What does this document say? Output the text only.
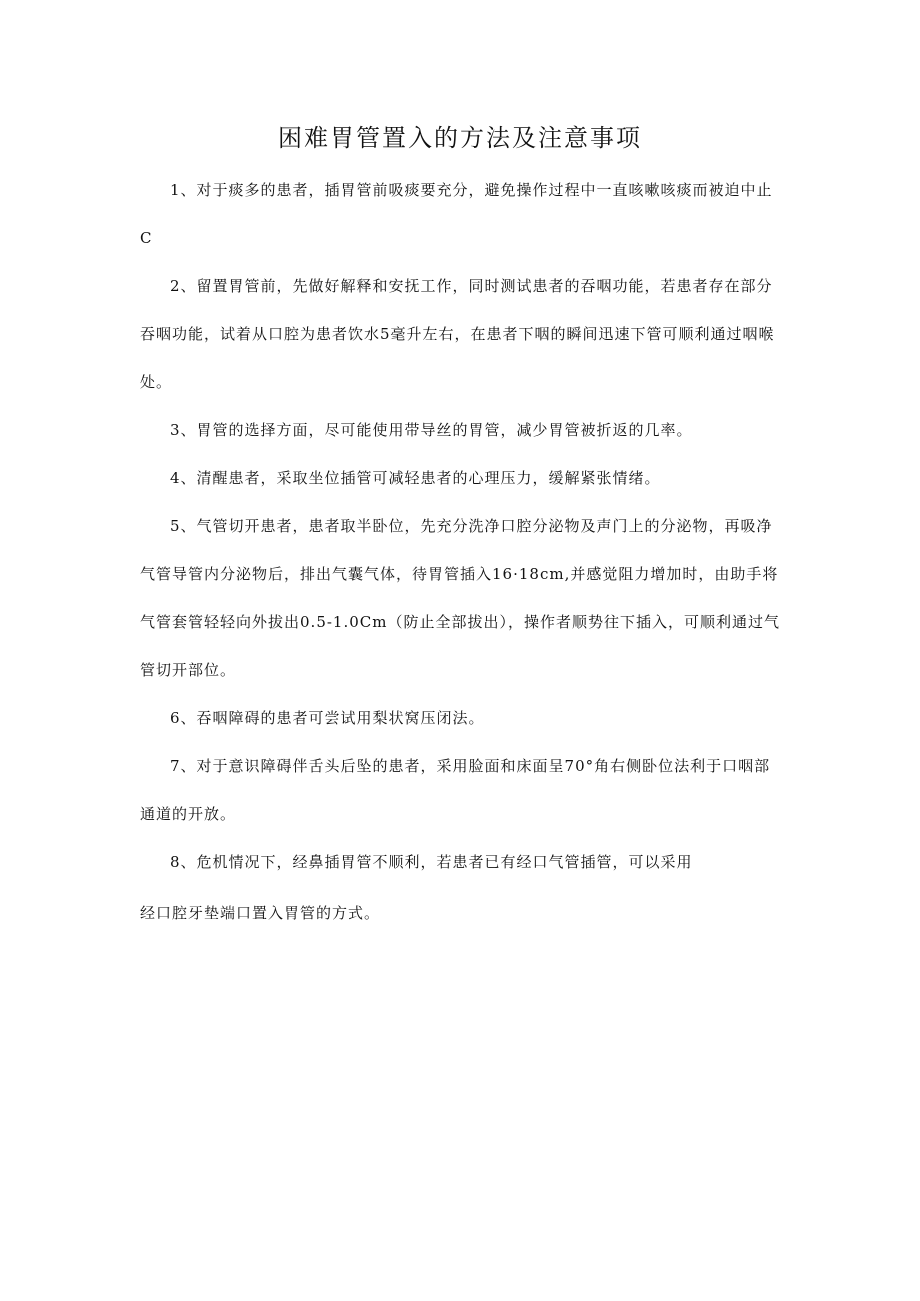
困难胃管置入的方法及注意事项

1、对于痰多的患者，插胃管前吸痰要充分，避免操作过程中一直咳嗽咳痰而被迫中止C

2、留置胃管前，先做好解释和安抚工作，同时测试患者的吞咽功能，若患者存在部分吞咽功能，试着从口腔为患者饮水5毫升左右，在患者下咽的瞬间迅速下管可顺利通过咽喉处。

3、胃管的选择方面，尽可能使用带导丝的胃管，减少胃管被折返的几率。

4、清醒患者，采取坐位插管可减轻患者的心理压力，缓解紧张情绪。

5、气管切开患者，患者取半卧位，先充分洗净口腔分泌物及声门上的分泌物，再吸净气管导管内分泌物后，排出气囊气体，待胃管插入16·18cm,并感觉阻力增加时，由助手将气管套管轻轻向外拔出0.5-1.0Cm（防止全部拔出），操作者顺势往下插入，可顺利通过气管切开部位。

6、吞咽障碍的患者可尝试用梨状窝压闭法。

7、对于意识障碍伴舌头后坠的患者，采用脸面和床面呈70°角右侧卧位法利于口咽部通道的开放。

8、危机情况下，经鼻插胃管不顺利，若患者已有经口气管插管，可以采用

经口腔牙垫端口置入胃管的方式。
